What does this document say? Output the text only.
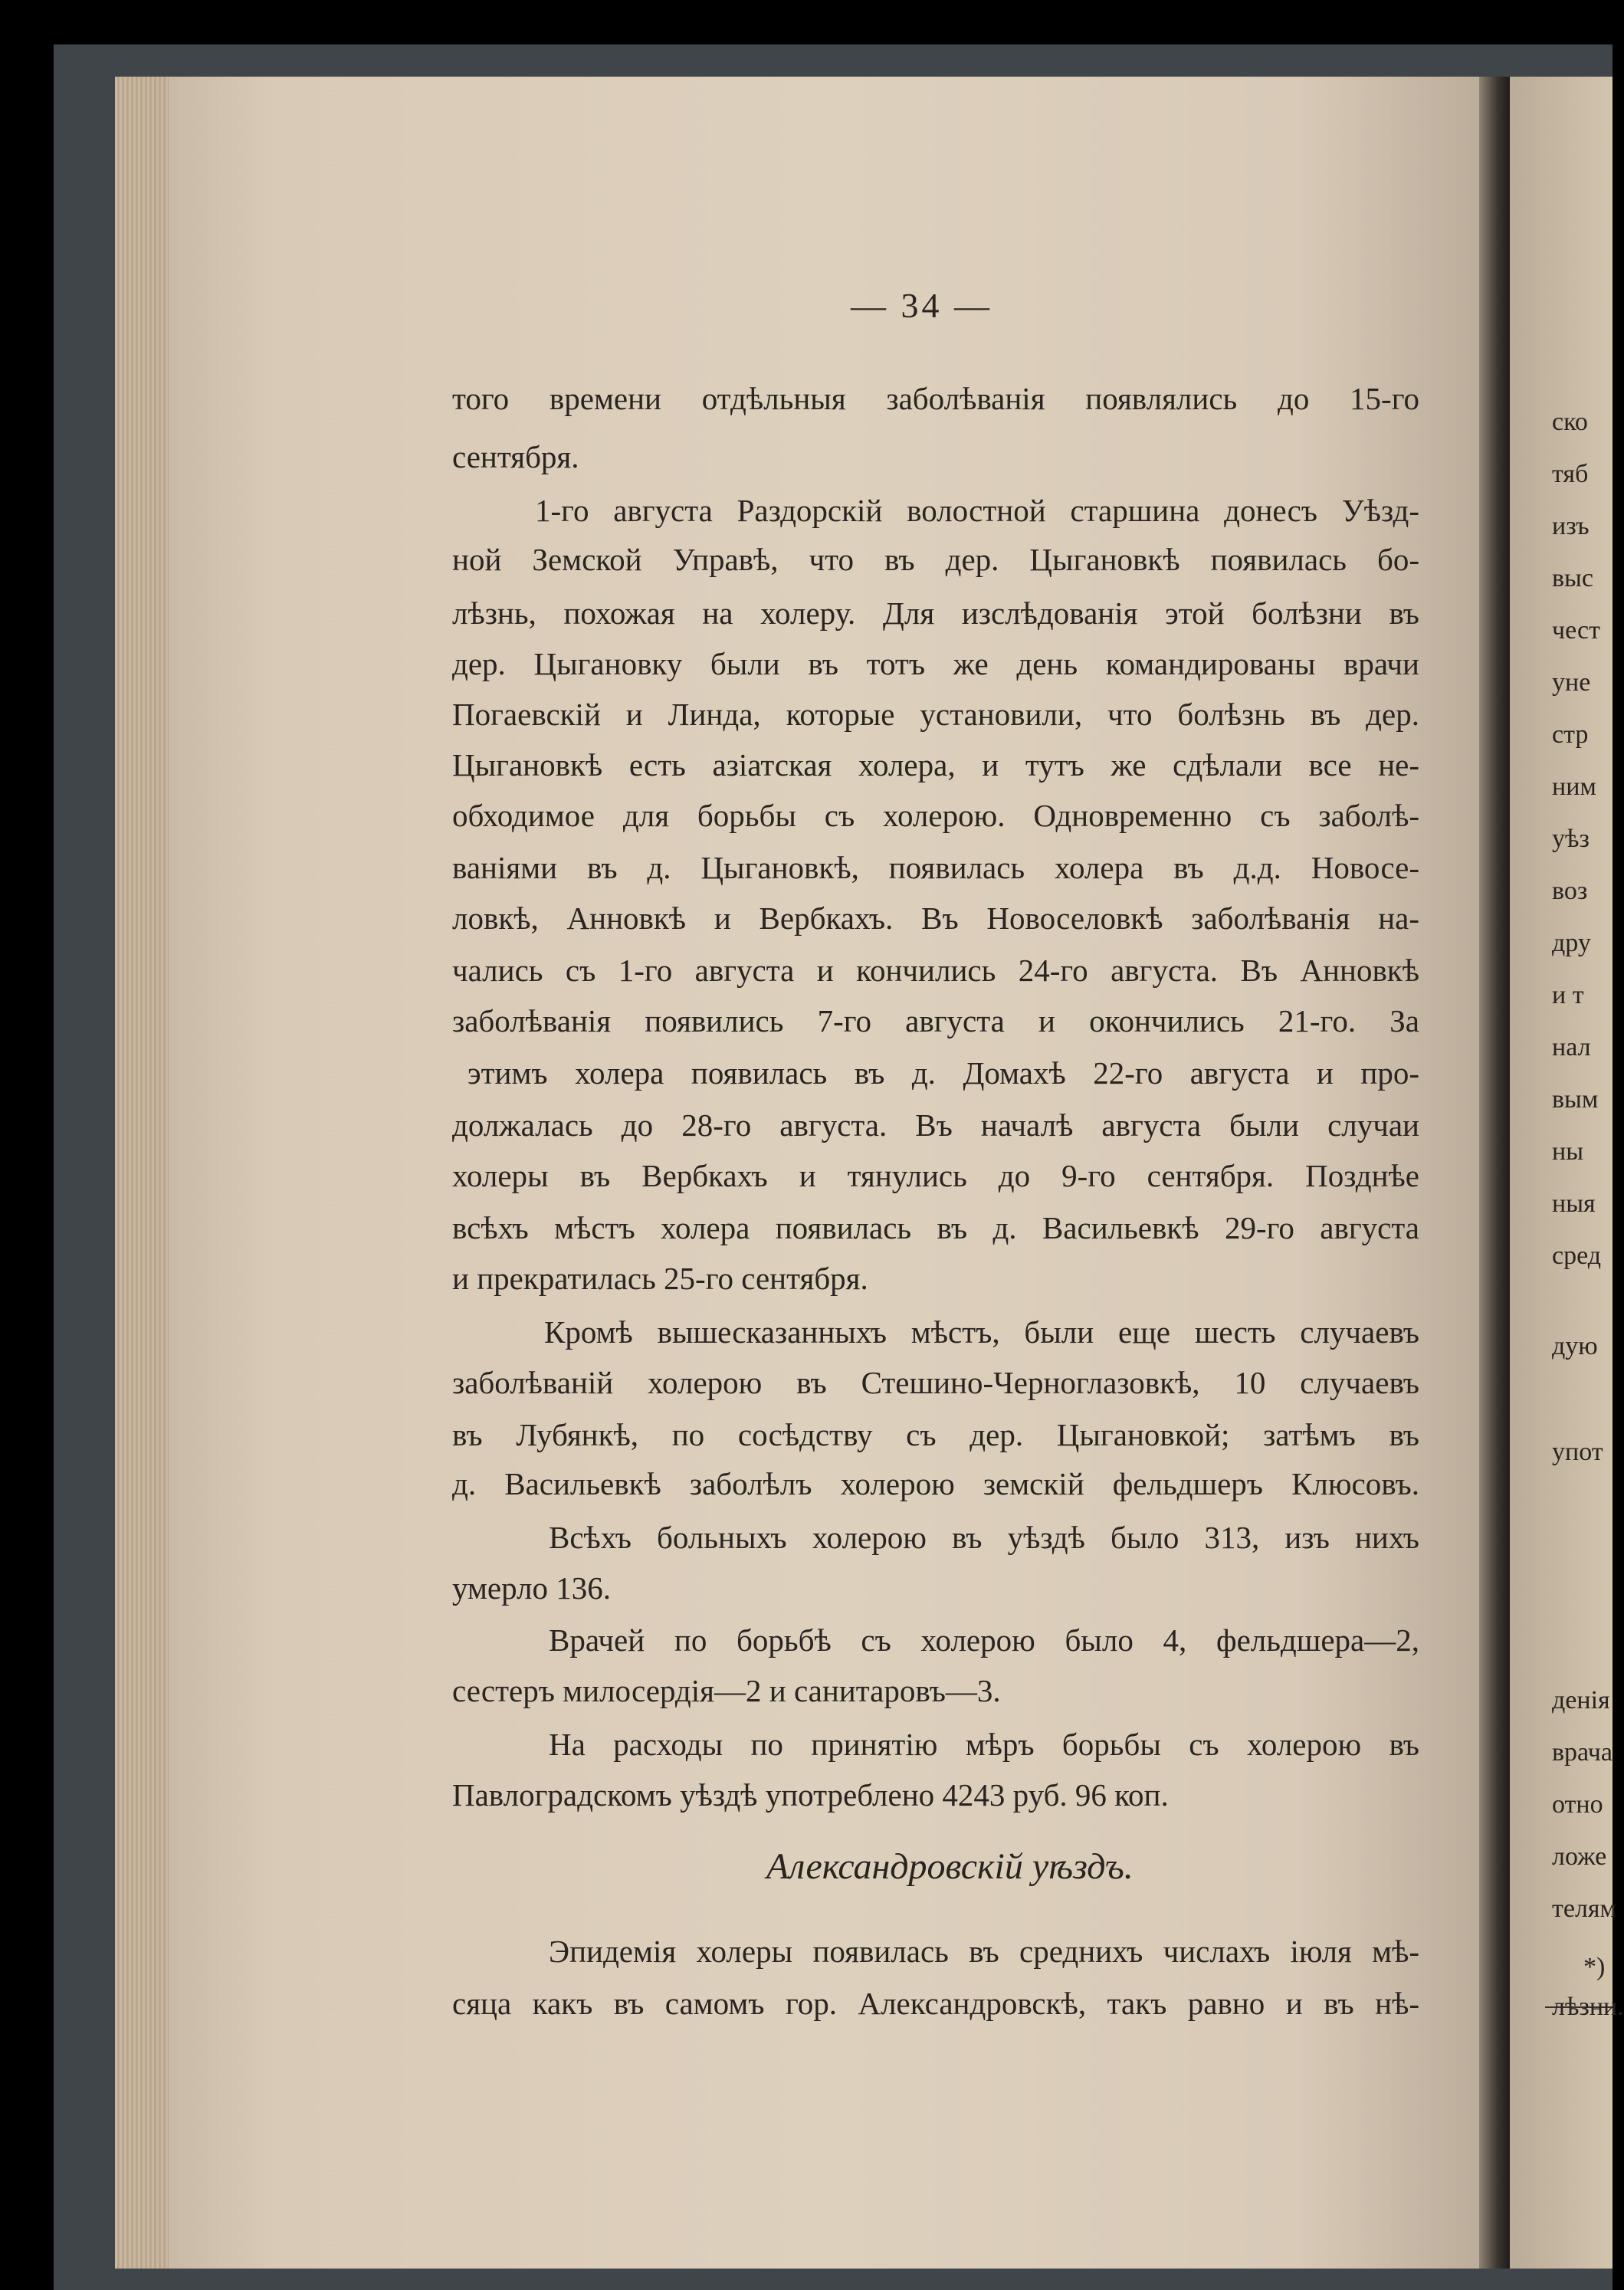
— 34 —
того времени отдѣльныя заболѣванія появлялись до 15-го
сентября.
1-го августа Раздорскій волостной старшина донесъ Уѣзд-
ной Земской Управѣ, что въ дер. Цыгановкѣ появилась бо-
лѣзнь, похожая на холеру. Для изслѣдованія этой болѣзни въ
дер. Цыгановку были въ тотъ же день командированы врачи
Погаевскій и Линда, которые установили, что болѣзнь въ дер.
Цыгановкѣ есть азіатская холера, и тутъ же сдѣлали все не-
обходимое для борьбы съ холерою. Одновременно съ заболѣ-
ваніями въ д. Цыгановкѣ, появилась холера въ д.д. Новосе-
ловкѣ, Анновкѣ и Вербкахъ. Въ Новоселовкѣ заболѣванія на-
чались съ 1-го августа и кончились 24-го августа. Въ Анновкѣ
заболѣванія появились 7-го августа и окончились 21-го. За
этимъ холера появилась въ д. Домахѣ 22-го августа и про-
должалась до 28-го августа. Въ началѣ августа были случаи
холеры въ Вербкахъ и тянулись до 9-го сентября. Позднѣе
всѣхъ мѣстъ холера появилась въ д. Васильевкѣ 29-го августа
и прекратилась 25-го сентября.
Кромѣ вышесказанныхъ мѣстъ, были еще шесть случаевъ
заболѣваній холерою въ Стешино-Черноглазовкѣ, 10 случаевъ
въ Лубянкѣ, по сосѣдству съ дер. Цыгановкой; затѣмъ въ
д. Васильевкѣ заболѣлъ холерою земскій фельдшеръ Клюсовъ.
Всѣхъ больныхъ холерою въ уѣздѣ было 313, изъ нихъ
умерло 136.
Врачей по борьбѣ съ холерою было 4, фельдшера—2,
сестеръ милосердія—2 и санитаровъ—3.
На расходы по принятію мѣръ борьбы съ холерою въ
Павлоградскомъ уѣздѣ употреблено 4243 руб. 96 коп.
Александровскій уѣздъ.
Эпидемія холеры появилась въ среднихъ числахъ іюля мѣ-
сяца какъ въ самомъ гор. Александровскѣ, такъ равно и въ нѣ-
ско
тяб
изъ
выс
чест
уне
стр
ним
уѣз
воз
дру
и т
нал
вым
ны
ныя
сред
дую
упот
денія
врача
отно
ложе
телям
*)
лѣзни.
